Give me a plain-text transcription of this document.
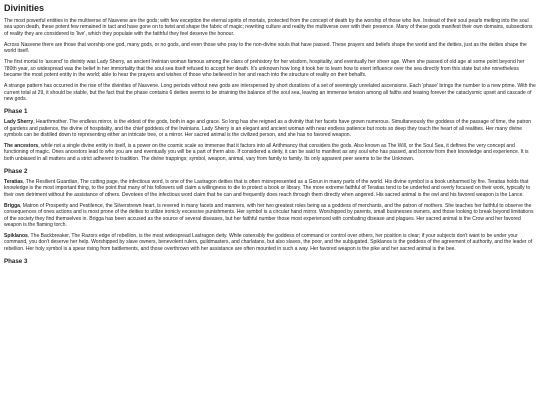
Divinities

The most powerful entities in the multiverse of Nasvene are the gods; with few exception the eternal spirits of mortals, protected from the concept of death by the worship of those who live. Instead of their soul pearls melting into the soul sea upon death, these potent few remained in tact and have gone on to twist and shape the fabric of magic; rewriting culture and reality the multiverse over with their presence. Many of these gods manifest their own domains, subsections of reality they are considered to 'live', which they populate with the faithful they feel deserve the honour.

Across Nasvene there are those that worship one god, many gods, or no gods, and even those who pray to the non-divine souls that have passed. These prayers and beliefs shape the world and the deities, just as the deities shape the world itself.

The first mortal to 'ascend' to divinity was Lady Sherry, an ancient Irwinian woman famous among the clans of prehistory for her wisdom, hospitality, and eventually her sheer age. When she passed of old age at some point beyond her 780th year, so widespread was the belief in her immortality that the soul sea itself refused to accept her death. It's unknown how long it took her to learn how to exert influence over the sea directly from this state but she nonetheless became the most potent entity in the world; able to hear the prayers and wishes of those who believed in her and reach into the structure of reality on their behalfs.

A strange pattern has occurred in the rise of the divinities of Nasvene. Long periods without new gods are interspersed by short durations of a set of seemingly unrelated ascensions. Each 'phase' brings the number to a new prime. With the current total at 29, it should be stable, but the fact that the phase contains 6 deities seems to be straining the balance of the soul sea, leaving an immense tension among all faiths and teasing forever the cataclysmic upset and cascade of new gods.

Phase 1

Lady Sherry, Hearthmother. The endless mirror, is the eldest of the gods, both in age and grace. So long has she reigned as a divinity that her facets have grown numerous. Simultaneously the goddess of the passage of time, the patron of gardens and patience, the divine of hospitality, and the chief goddess of the Irwinians. Lady Sherry is an elegant and ancient woman with near endless patience but roots so deep they touch the heart of all realities. Her many divine symbols can be distilled down to representing either an intricate tree, or a mirror. Her sacred animal is the civilized person, and she has no favored weapon.

The ancestors, while not a single divine entity in itself, is a power on the cosmic scale so immense that it factors into all Arithmancy that considers the gods. Also known as The Will, or the Soul Sea, it defines the very concept and functioning of magic. Ones ancestors lead to who you are and eventually you will be a part of them also. If considered a deity, it can be said to manifest as any soul who has passed, and borrow from their knowledge and experience. It is both unbiased in all matters and a strict adherent to tradition. The divine trappings; symbol, weapon, animal, vary from family to family. Its only apparent peer seems to be the Unknown.

Phase 2

Teratias, The Resilient Guardian, The cutting page, the infectious word, is one of the Lastragon deities that is often misrepresented as a Gorun in many parts of the world. His divine symbol is a book unharmed by fire. Teratias holds that knowledge is the most important thing, to the point that many of his followers will claim a willingness to die to protect a book or library. The more extreme faithful of Teratias tend to be underfed and overly focused on their work, typically to their own detriment without the assistance of others. Devotees of the infectious word claim that he can and frequently does reach through them directly when angered. His sacred animal is the owl and his favored weapon is the Lance.

Brigga, Matron of Prosperity and Pestilence, the Silverstrewn heart, is revered in many facets and manners, with her two greatest roles being as a goddess of merchants, and the patron of mothers. She teaches her faithful to observe the consequences of ones actions and is most prone of the deities to utilize ironicly excessive punishments. Her symbol is a circular hand mirror. Worshipped by parents, small businesses owners, and those looking to break beyond limitations of the society they find themselves in. Brigga has been accused as the source of several diseases, but her faithful number those most experienced with combating disease and plagues. Her sacred animal is the Crow and her favored weapon is the flaming torch.

Spiklanos, The Backbreaker, The Razors edge of rebellion, is the most widespread Lastragon deity. While ostensibly the goddess of command or control over others, her position is clear; if your subjects don't want to be under your command, you don't deserve her help. Worshipped by slave owners, benevolent rulers, guildmasters, and charlatans, but also slaves, the poor, and the subjugated. Spiklanos is the goddess of the agreement of authority, and the leader of rebellion. Her holy symbol is a spear rising from battlements, and those overthrown with her assistance are often mounted in such a way. Her favored weapon is the pike and her sacred animal is the bee.

Phase 3
